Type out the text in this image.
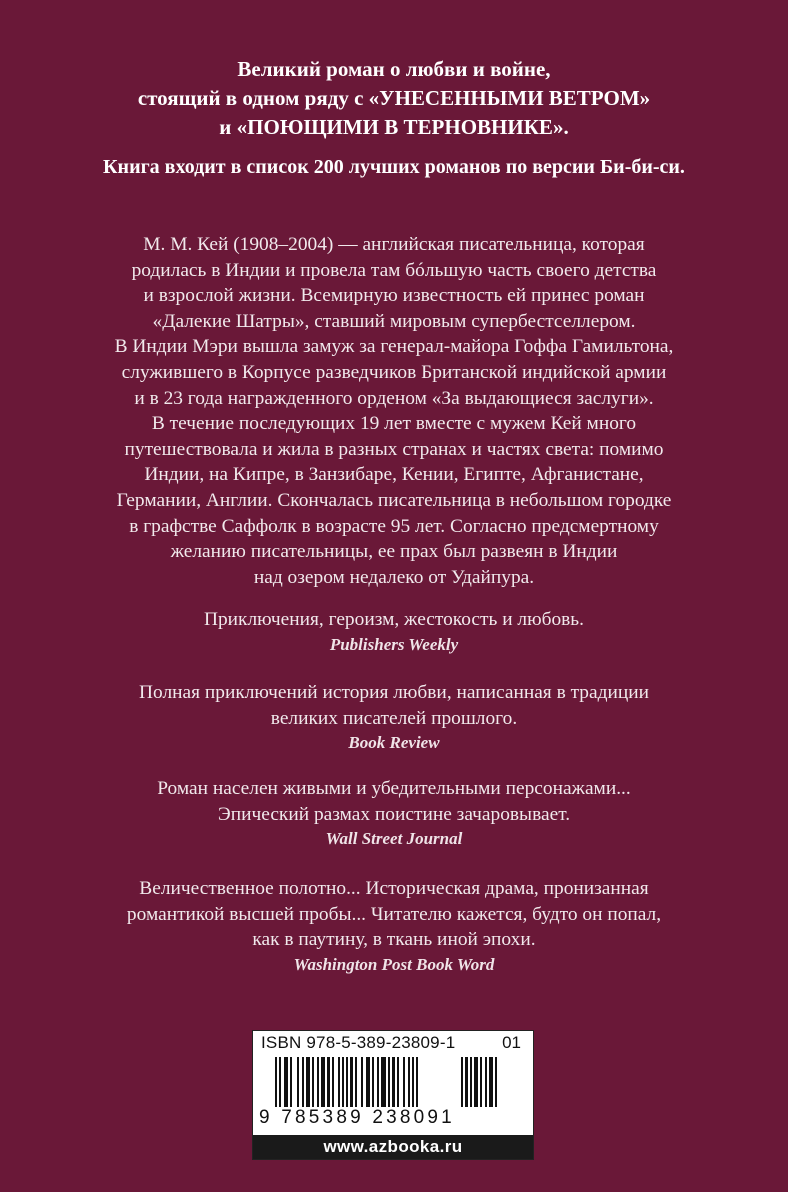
Великий роман о любви и войне,
стоящий в одном ряду с «УНЕСЕННЫМИ ВЕТРОМ»
и «ПОЮЩИМИ В ТЕРНОВНИКЕ».
Книга входит в список 200 лучших романов по версии Би-би-си.
М. М. Кей (1908–2004) — английская писательница, которая
родилась в Индии и провела там бóльшую часть своего детства
и взрослой жизни. Всемирную известность ей принес роман
«Далекие Шатры», ставший мировым супербестселлером.
В Индии Мэри вышла замуж за генерал-майора Гоффа Гамильтона,
служившего в Корпусе разведчиков Британской индийской армии
и в 23 года награжденного орденом «За выдающиеся заслуги».
В течение последующих 19 лет вместе с мужем Кей много
путешествовала и жила в разных странах и частях света: помимо
Индии, на Кипре, в Занзибаре, Кении, Египте, Афганистане,
Германии, Англии. Скончалась писательница в небольшом городке
в графстве Саффолк в возрасте 95 лет. Согласно предсмертному
желанию писательницы, ее прах был развеян в Индии
над озером недалеко от Удайпура.
Приключения, героизм, жестокость и любовь.
Publishers Weekly
Полная приключений история любви, написанная в традиции
великих писателей прошлого.
Book Review
Роман населен живыми и убедительными персонажами...
Эпический размах поистине зачаровывает.
Wall Street Journal
Величественное полотно... Историческая драма, пронизанная
романтикой высшей пробы... Читателю кажется, будто он попал,
как в паутину, в ткань иной эпохи.
Washington Post Book Word
ISBN 978-5-389-23809-1	01
9 785389 238091
www.azbooka.ru
